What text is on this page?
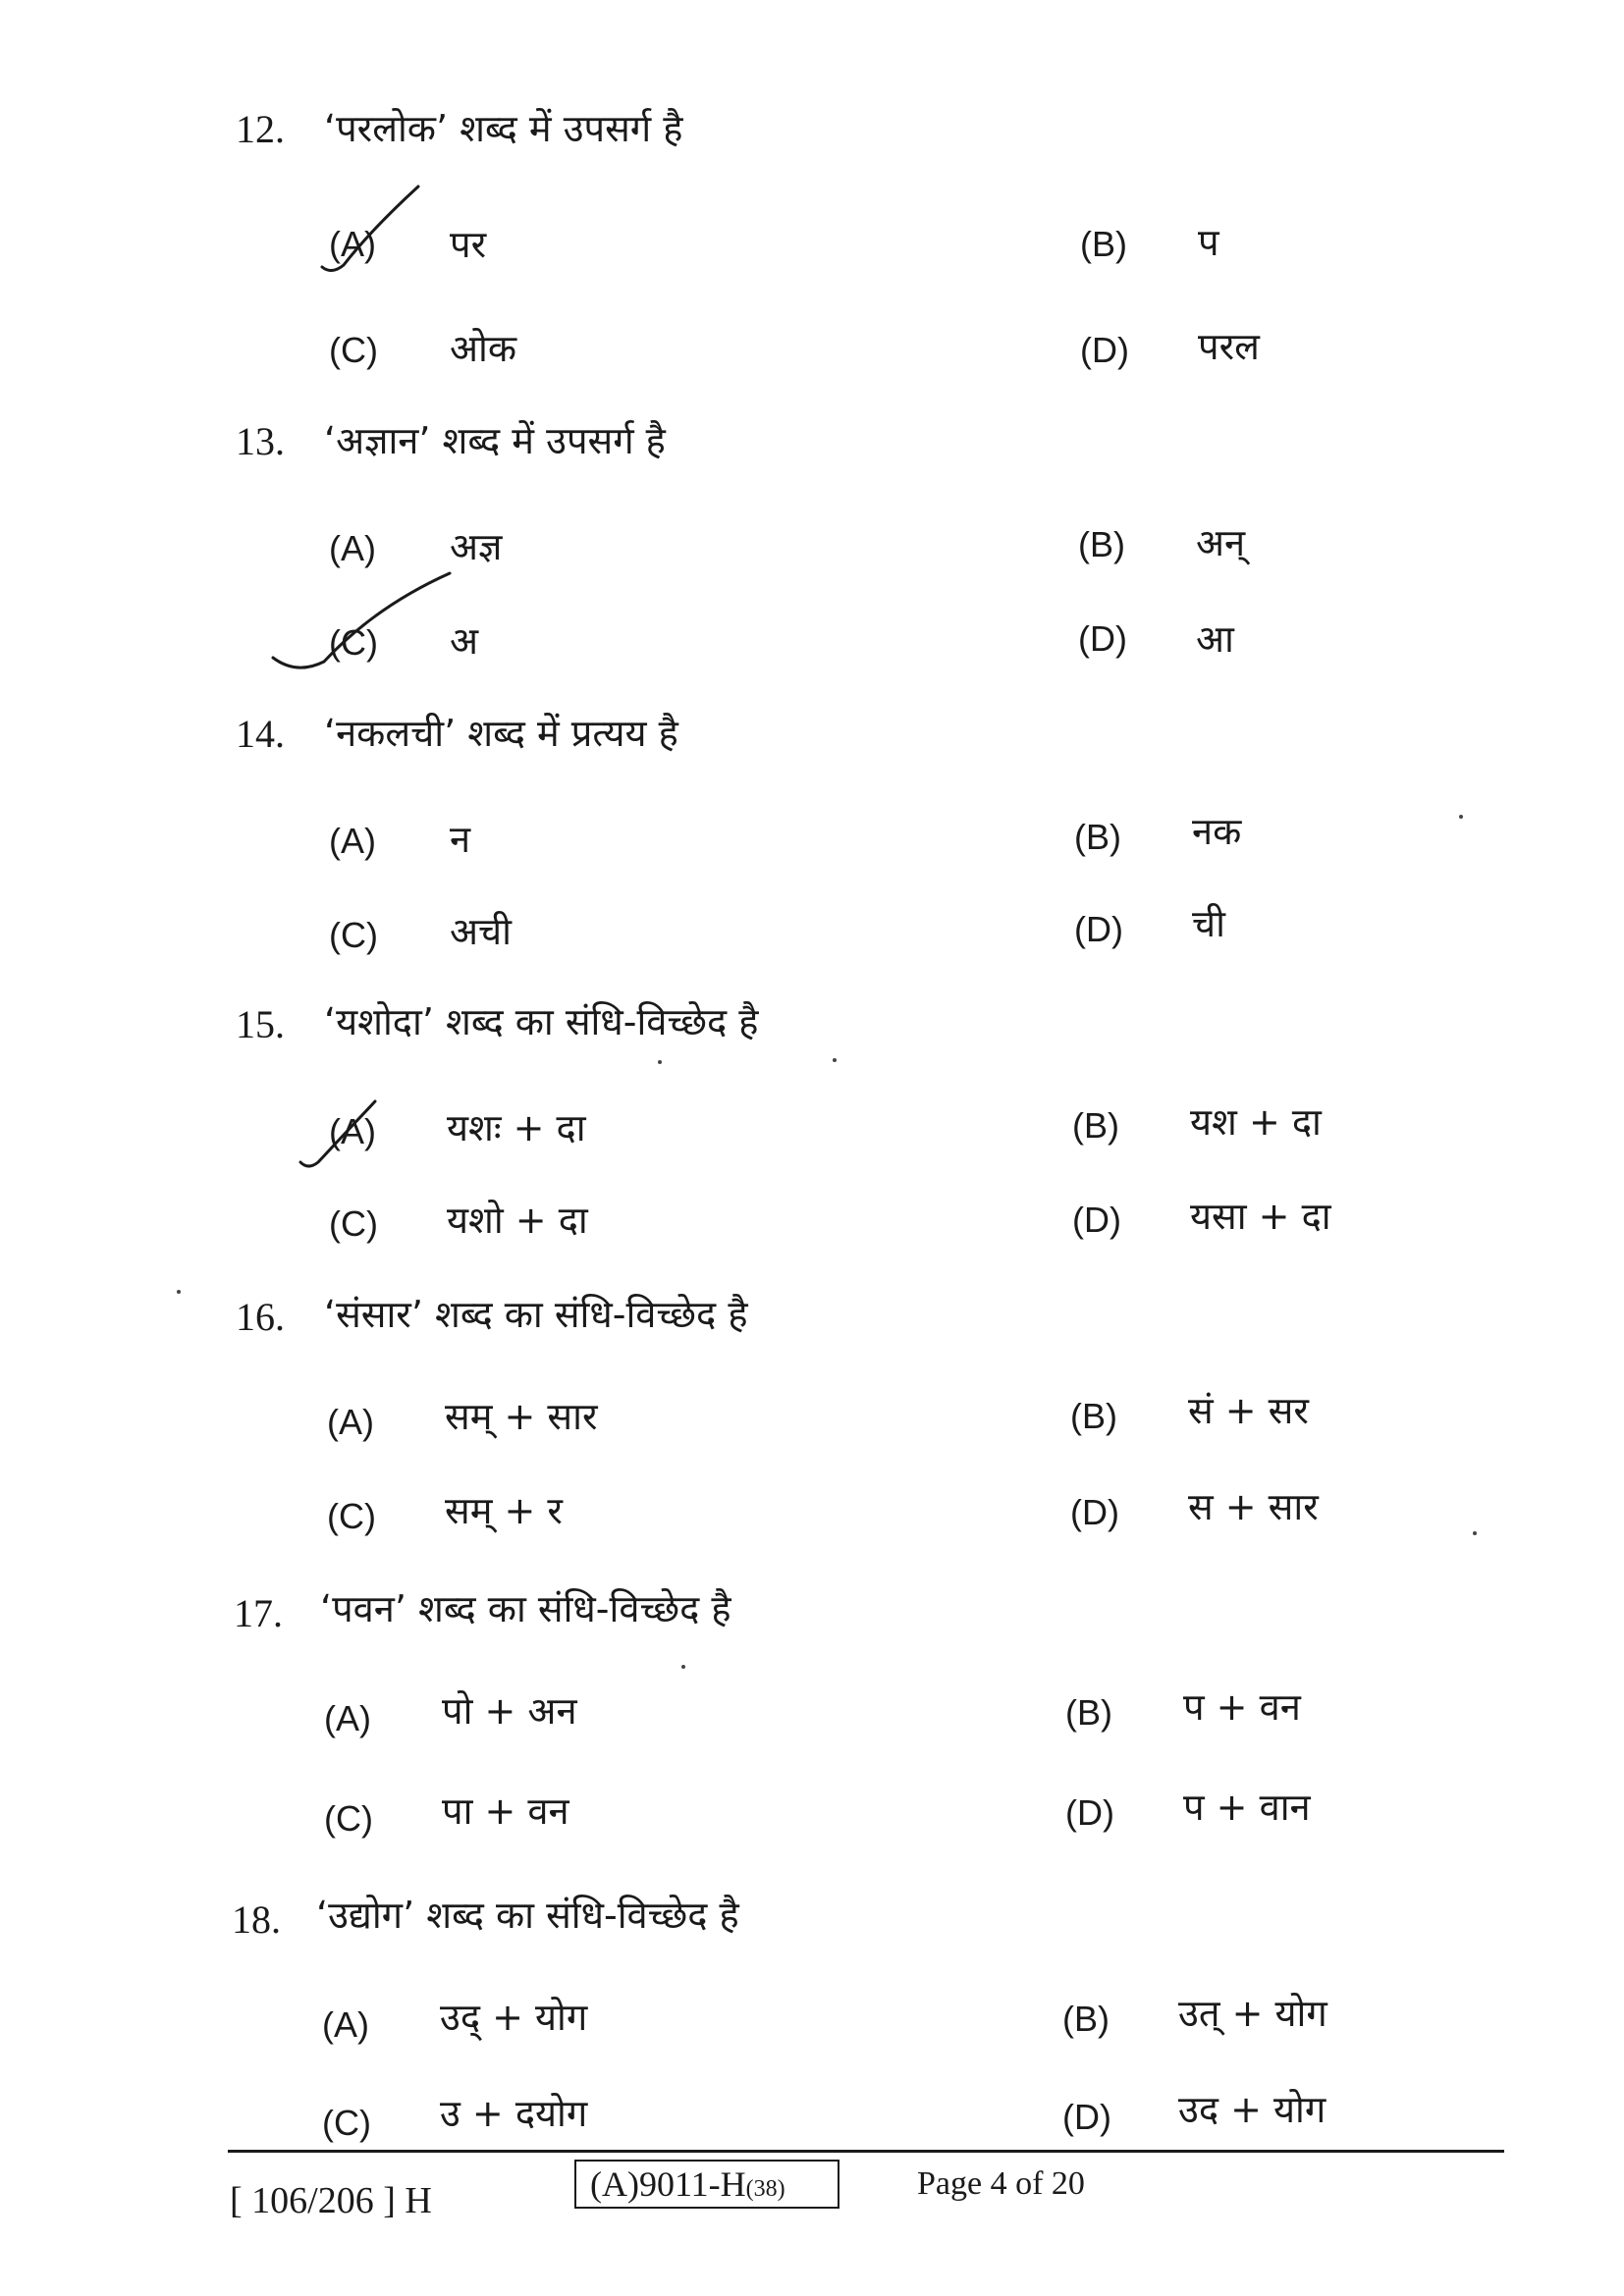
12. ‘परलोक’ शब्द में उपसर्ग है
(A) पर	(B) प
(C) ओक	(D) परल
13. ‘अज्ञान’ शब्द में उपसर्ग है
(A) अज्ञ	(B) अन्
(C) अ	(D) आ
14. ‘नकलची’ शब्द में प्रत्यय है
(A) न	(B) नक
(C) अची	(D) ची
15. ‘यशोदा’ शब्द का संधि-विच्छेद है
(A) यशः + दा	(B) यश + दा
(C) यशो + दा	(D) यसा + दा
16. ‘संसार’ शब्द का संधि-विच्छेद है
(A) सम् + सार	(B) सं + सर
(C) सम् + र	(D) स + सार
17. ‘पवन’ शब्द का संधि-विच्छेद है
(A) पो + अन	(B) प + वन
(C) पा + वन	(D) प + वान
18. ‘उद्योग’ शब्द का संधि-विच्छेद है
(A) उद् + योग	(B) उत् + योग
(C) उ + दयोग	(D) उद + योग
[ 106/206 ] H	(A)9011-H(38)	Page 4 of 20
